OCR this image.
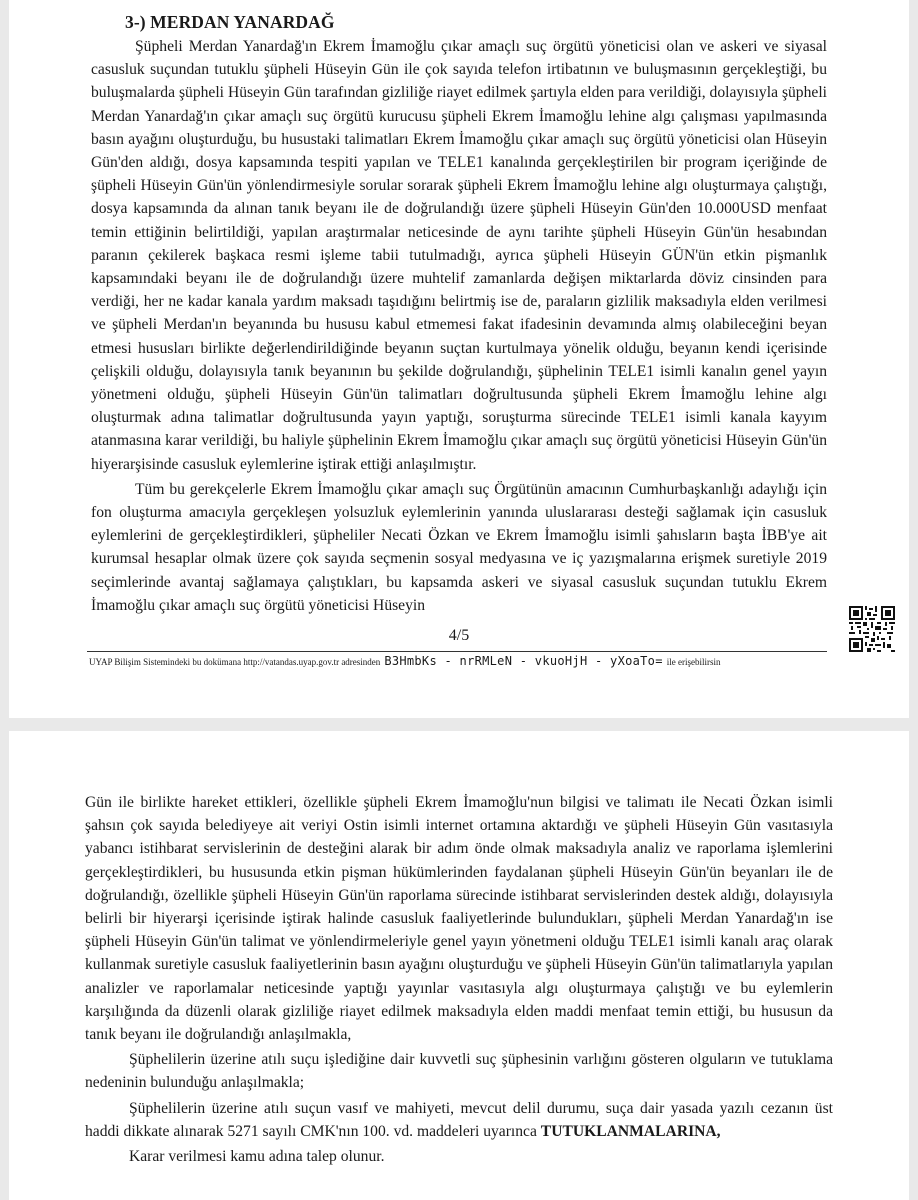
3-) MERDAN YANARDAĞ

Şüpheli Merdan Yanardağ'ın Ekrem İmamoğlu çıkar amaçlı suç örgütü yöneticisi olan ve askeri ve siyasal casusluk suçundan tutuklu şüpheli Hüseyin Gün ile çok sayıda telefon irtibatının ve buluşmasının gerçekleştiği, bu buluşmalarda şüpheli Hüseyin Gün tarafından gizliliğe riayet edilmek şartıyla elden para verildiği, dolayısıyla şüpheli Merdan Yanardağ'ın çıkar amaçlı suç örgütü kurucusu şüpheli Ekrem İmamoğlu lehine algı çalışması yapılmasında basın ayağını oluşturduğu, bu husustaki talimatları Ekrem İmamoğlu çıkar amaçlı suç örgütü yöneticisi olan Hüseyin Gün'den aldığı, dosya kapsamında tespiti yapılan ve TELE1 kanalında gerçekleştirilen bir program içeriğinde de şüpheli Hüseyin Gün'ün yönlendirmesiyle sorular sorarak şüpheli Ekrem İmamoğlu lehine algı oluşturmaya çalıştığı, dosya kapsamında da alınan tanık beyanı ile de doğrulandığı üzere şüpheli Hüseyin Gün'den 10.000USD menfaat temin ettiğinin belirtildiği, yapılan araştırmalar neticesinde de aynı tarihte şüpheli Hüseyin Gün'ün hesabından paranın çekilerek başkaca resmi işleme tabii tutulmadığı, ayrıca şüpheli Hüseyin GÜN'ün etkin pişmanlık kapsamındaki beyanı ile de doğrulandığı üzere muhtelif zamanlarda değişen miktarlarda döviz cinsinden para verdiği, her ne kadar kanala yardım maksadı taşıdığını belirtmiş ise de, paraların gizlilik maksadıyla elden verilmesi ve şüpheli Merdan'ın beyanında bu hususu kabul etmemesi fakat ifadesinin devamında almış olabileceğini beyan etmesi hususları birlikte değerlendirildiğinde beyanın suçtan kurtulmaya yönelik olduğu, beyanın kendi içerisinde çelişkili olduğu, dolayısıyla tanık beyanının bu şekilde doğrulandığı, şüphelinin TELE1 isimli kanalın genel yayın yönetmeni olduğu, şüpheli Hüseyin Gün'ün talimatları doğrultusunda şüpheli Ekrem İmamoğlu lehine algı oluşturmak adına talimatlar doğrultusunda yayın yaptığı, soruşturma sürecinde TELE1 isimli kanala kayyım atanmasına karar verildiği, bu haliyle şüphelinin Ekrem İmamoğlu çıkar amaçlı suç örgütü yöneticisi Hüseyin Gün'ün hiyerarşisinde casusluk eylemlerine iştirak ettiği anlaşılmıştır.

Tüm bu gerekçelerle Ekrem İmamoğlu çıkar amaçlı suç Örgütünün amacının Cumhurbaşkanlığı adaylığı için fon oluşturma amacıyla gerçekleşen yolsuzluk eylemlerinin yanında uluslararası desteği sağlamak için casusluk eylemlerini de gerçekleştirdikleri, şüpheliler Necati Özkan ve Ekrem İmamoğlu isimli şahısların başta İBB'ye ait kurumsal hesaplar olmak üzere çok sayıda seçmenin sosyal medyasına ve iç yazışmalarına erişmek suretiyle 2019 seçimlerinde avantaj sağlamaya çalıştıkları, bu kapsamda askeri ve siyasal casusluk suçundan tutuklu Ekrem İmamoğlu çıkar amaçlı suç örgütü yöneticisi Hüseyin

4/5
UYAP Bilişim Sistemindeki bu dokümana http://vatandas.uyap.gov.tr adresinden B3HmbKs - nrRMLeN - vkuoHjH - yXoaTo= ile erişebilirsin

Gün ile birlikte hareket ettikleri, özellikle şüpheli Ekrem İmamoğlu'nun bilgisi ve talimatı ile Necati Özkan isimli şahsın çok sayıda belediyeye ait veriyi Ostin isimli internet ortamına aktardığı ve şüpheli Hüseyin Gün vasıtasıyla yabancı istihbarat servislerinin de desteğini alarak bir adım önde olmak maksadıyla analiz ve raporlama işlemlerini gerçekleştirdikleri, bu hususunda etkin pişman hükümlerinden faydalanan şüpheli Hüseyin Gün'ün beyanları ile de doğrulandığı, özellikle şüpheli Hüseyin Gün'ün raporlama sürecinde istihbarat servislerinden destek aldığı, dolayısıyla belirli bir hiyerarşi içerisinde iştirak halinde casusluk faaliyetlerinde bulundukları, şüpheli Merdan Yanardağ'ın ise şüpheli Hüseyin Gün'ün talimat ve yönlendirmeleriyle genel yayın yönetmeni olduğu TELE1 isimli kanalı araç olarak kullanmak suretiyle casusluk faaliyetlerinin basın ayağını oluşturduğu ve şüpheli Hüseyin Gün'ün talimatlarıyla yapılan analizler ve raporlamalar neticesinde yaptığı yayınlar vasıtasıyla algı oluşturmaya çalıştığı ve bu eylemlerin karşılığında da düzenli olarak gizliliğe riayet edilmek maksadıyla elden maddi menfaat temin ettiği, bu hususun da tanık beyanı ile doğrulandığı anlaşılmakla,

Şüphelilerin üzerine atılı suçu işlediğine dair kuvvetli suç şüphesinin varlığını gösteren olguların ve tutuklama nedeninin bulunduğu anlaşılmakla;

Şüphelilerin üzerine atılı suçun vasıf ve mahiyeti, mevcut delil durumu, suça dair yasada yazılı cezanın üst haddi dikkate alınarak 5271 sayılı CMK'nın 100. vd. maddeleri uyarınca TUTUKLANMALARINA,

Karar verilmesi kamu adına talep olunur.
